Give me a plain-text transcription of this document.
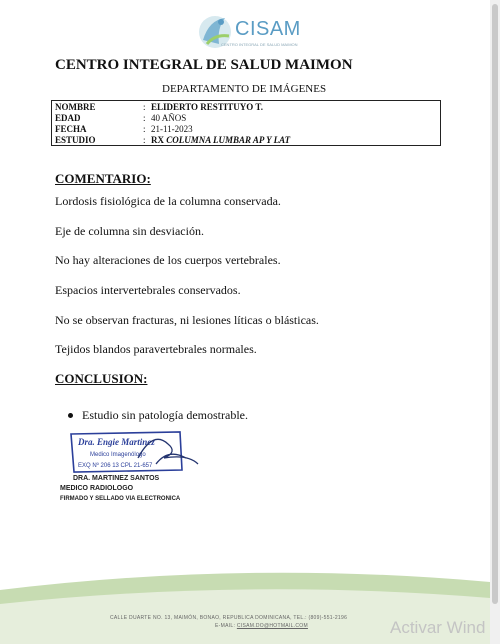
CISAM
CENTRO INTEGRAL DE SALUD MAIMON
CENTRO INTEGRAL DE SALUD MAIMON
DEPARTAMENTO DE IMÁGENES
NOMBRE	: ELIDERTO RESTITUYO T.
EDAD	: 40 AÑOS
FECHA	: 21-11-2023
ESTUDIO	: RX COLUMNA LUMBAR AP Y LAT
COMENTARIO:
Lordosis fisiológica de la columna conservada.
Eje de columna sin desviación.
No hay alteraciones de los cuerpos vertebrales.
Espacios intervertebrales conservados.
No se observan fracturas, ni lesiones líticas o blásticas.
Tejidos blandos paravertebrales normales.
CONCLUSION:
Estudio sin patología demostrable.
Dra. Engie Martinez
Medico Imagenólogo
EXQ Nº 206 13 CPL 21-657
DRA. MARTINEZ SANTOS
MEDICO RADIOLOGO
FIRMADO Y SELLADO VIA ELECTRONICA
CALLE DUARTE NO. 13, MAIMÓN, BONAO, REPUBLICA DOMINICANA, TEL.: (809)-551-2196
E-MAIL: CISAM.DO@HOTMAIL.COM	Activar Wind
